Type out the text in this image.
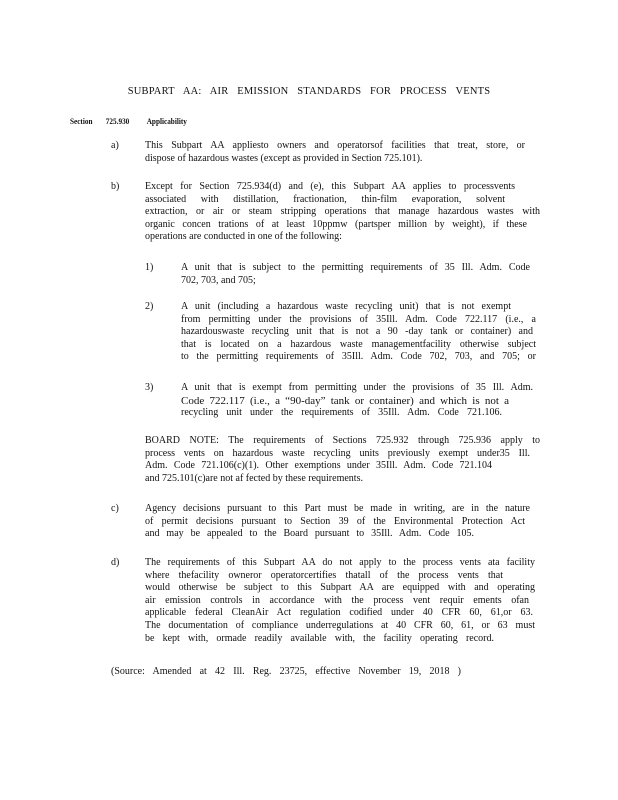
SUBPART AA: AIR EMISSION STANDARDS FOR PROCESS VENTS
Section 725.930 Applicability
a)	This Subpart AA appliesto owners and operatorsof facilities that treat, store, or
dispose of hazardous wastes (except as provided in Section 725.101).
b)	Except for Section 725.934(d) and (e), this Subpart AA applies to processvents
associated with distillation, fractionation, thin-film evaporation, solvent
extraction, or air or steam stripping operations that manage hazardous wastes with
organic concen trations of at least 10ppmw (partsper million by weight), if these
operations are conducted in one of the following:
1)	A unit that is subject to the permitting requirements of 35 Ill. Adm. Code
702, 703, and 705;
2)	A unit (including a hazardous waste recycling unit) that is not exempt
from permitting under the provisions of 35Ill. Adm. Code 722.117 (i.e., a
hazardouswaste recycling unit that is not a 90 -day tank or container) and
that is located on a hazardous waste managementfacility otherwise subject
to the permitting requirements of 35Ill. Adm. Code 702, 703, and 705; or
3)	A unit that is exempt from permitting under the provisions of 35 Ill. Adm.
Code 722.117 (i.e., a “90-day” tank or container) and which is not a
recycling unit under the requirements of 35Ill. Adm. Code 721.106.
BOARD NOTE: The requirements of Sections 725.932 through 725.936 apply to
process vents on hazardous waste recycling units previously exempt under35 Ill.
Adm. Code 721.106(c)(1). Other exemptions under 35Ill. Adm. Code 721.104
and 725.101(c)are not af fected by these requirements.
c)	Agency decisions pursuant to this Part must be made in writing, are in the nature
of permit decisions pursuant to Section 39 of the Environmental Protection Act
and may be appealed to the Board pursuant to 35Ill. Adm. Code 105.
d)	The requirements of this Subpart AA do not apply to the process vents ata facility
where thefacility owneror operatorcertifies thatall of the process vents that
would otherwise be subject to this Subpart AA are equipped with and operating
air emission controls in accordance with the process vent requir ements ofan
applicable federal CleanAir Act regulation codified under 40 CFR 60, 61,or 63.
The documentation of compliance underregulations at 40 CFR 60, 61, or 63 must
be kept with, ormade readily available with, the facility operating record.
(Source: Amended at 42 Ill. Reg. 23725, effective November 19, 2018 )
